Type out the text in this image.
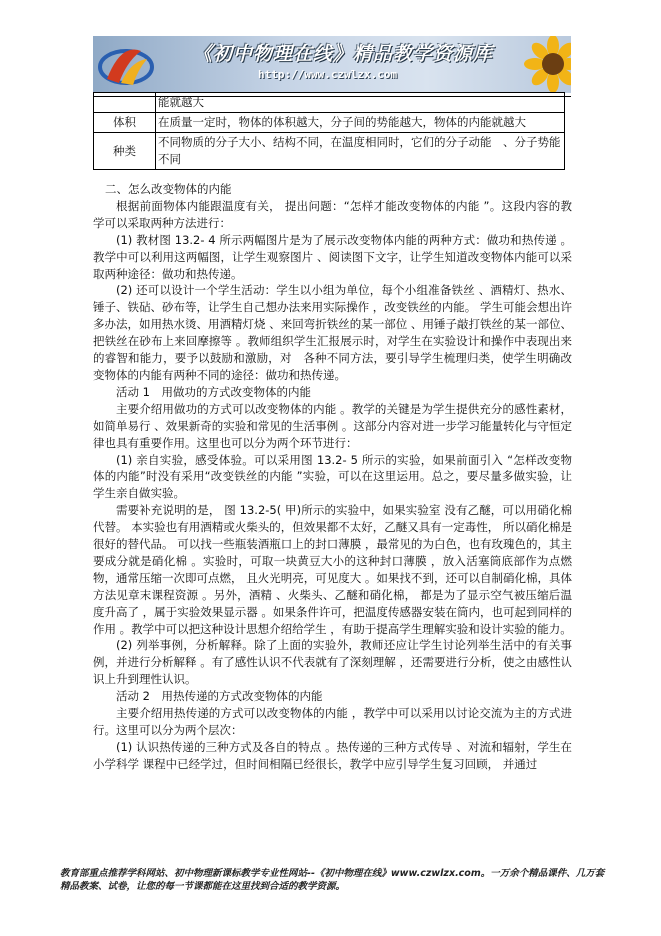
《初中物理在线》精品教学资源库
http://www.czwlzx.com
	能就越大
体积	在质量一定时，物体的体积越大，分子间的势能越大，物体的内能就越大
种类	不同物质的分子大小、结构不同，在温度相同时，它们的分子动能　、分子势能不同

二、怎么改变物体的内能

根据前面物体内能跟温度有关， 提出问题：“怎样才能改变物体的内能 ”。这段内容的教学可以采取两种方法进行：

(1) 教材图 13.2- 4 所示两幅图片是为了展示改变物体内能的两种方式：做功和热传递 。教学中可以利用这两幅图，让学生观察图片 、阅读图下文字，让学生知道改变物体内能可以采取两种途径：做功和热传递。

(2) 还可以设计一个学生活动：学生以小组为单位，每个小组准备铁丝 、酒精灯、热水、锤子、铁砧、砂布等，让学生自己想办法来用实际操作 ，改变铁丝的内能。 学生可能会想出许多办法，如用热水烫、用酒精灯烧 、来回弯折铁丝的某一部位 、用锤子敲打铁丝的某一部位、把铁丝在砂布上来回摩擦等 。教师组织学生汇报展示时，对学生在实验设计和操作中表现出来的睿智和能力，要予以鼓励和激励，对　各种不同方法，要引导学生梳理归类，使学生明确改变物体的内能有两种不同的途径：做功和热传递。

活动 1　用做功的方式改变物体的内能

主要介绍用做功的方式可以改变物体的内能 。教学的关键是为学生提供充分的感性素材，如简单易行 、效果新奇的实验和常见的生活事例 。这部分内容对进一步学习能量转化与守恒定律也具有重要作用。这里也可以分为两个环节进行：

(1) 亲自实验，感受体验。可以采用图 13.2- 5 所示的实验，如果前面引入 “怎样改变物体的内能”时没有采用“改变铁丝的内能 ”实验，可以在这里运用。总之，要尽量多做实验，让学生亲自做实验。

需要补充说明的是， 图 13.2-5( 甲)所示的实验中，如果实验室 没有乙醚，可以用硝化棉代替。 本实验也有用酒精或火柴头的，但效果都不太好，乙醚又具有一定毒性， 所以硝化棉是很好的替代品。 可以找一些瓶装酒瓶口上的封口薄膜 ，最常见的为白色，也有玫瑰色的，其主要成分就是硝化棉 。实验时，可取一块黄豆大小的这种封口薄膜 ，放入活塞筒底部作为点燃物，通常压缩一次即可点燃， 且火光明亮，可见度大 。如果找不到，还可以自制硝化棉，具体方法见章末课程资源 。另外，酒精 、火柴头、乙醚和硝化棉， 都是为了显示空气被压缩后温度升高了 ，属于实验效果显示器 。如果条件许可，把温度传感器安装在筒内，也可起到同样的作用 。教学中可以把这种设计思想介绍给学生 ，有助于提高学生理解实验和设计实验的能力。

(2) 列举事例，分析解释。除了上面的实验外，教师还应让学生讨论列举生活中的有关事例，并进行分析解释 。有了感性认识不代表就有了深刻理解 ，还需要进行分析，使之由感性认识上升到理性认识。

活动 2　用热传递的方式改变物体的内能

主要介绍用热传递的方式可以改变物体的内能 ，教学中可以采用以讨论交流为主的方式进行。这里可以分为两个层次：

(1) 认识热传递的三种方式及各自的特点 。热传递的三种方式传导 、对流和辐射，学生在小学科学 课程中已经学过，但时间相隔已经很长，教学中应引导学生复习回顾， 并通过

教育部重点推荐学科网站、初中物理新课标教学专业性网站--《初中物理在线》www.czwlzx.com。一万余个精品课件、几万套精品教案、试卷，让您的每一节课都能在这里找到合适的教学资源。
